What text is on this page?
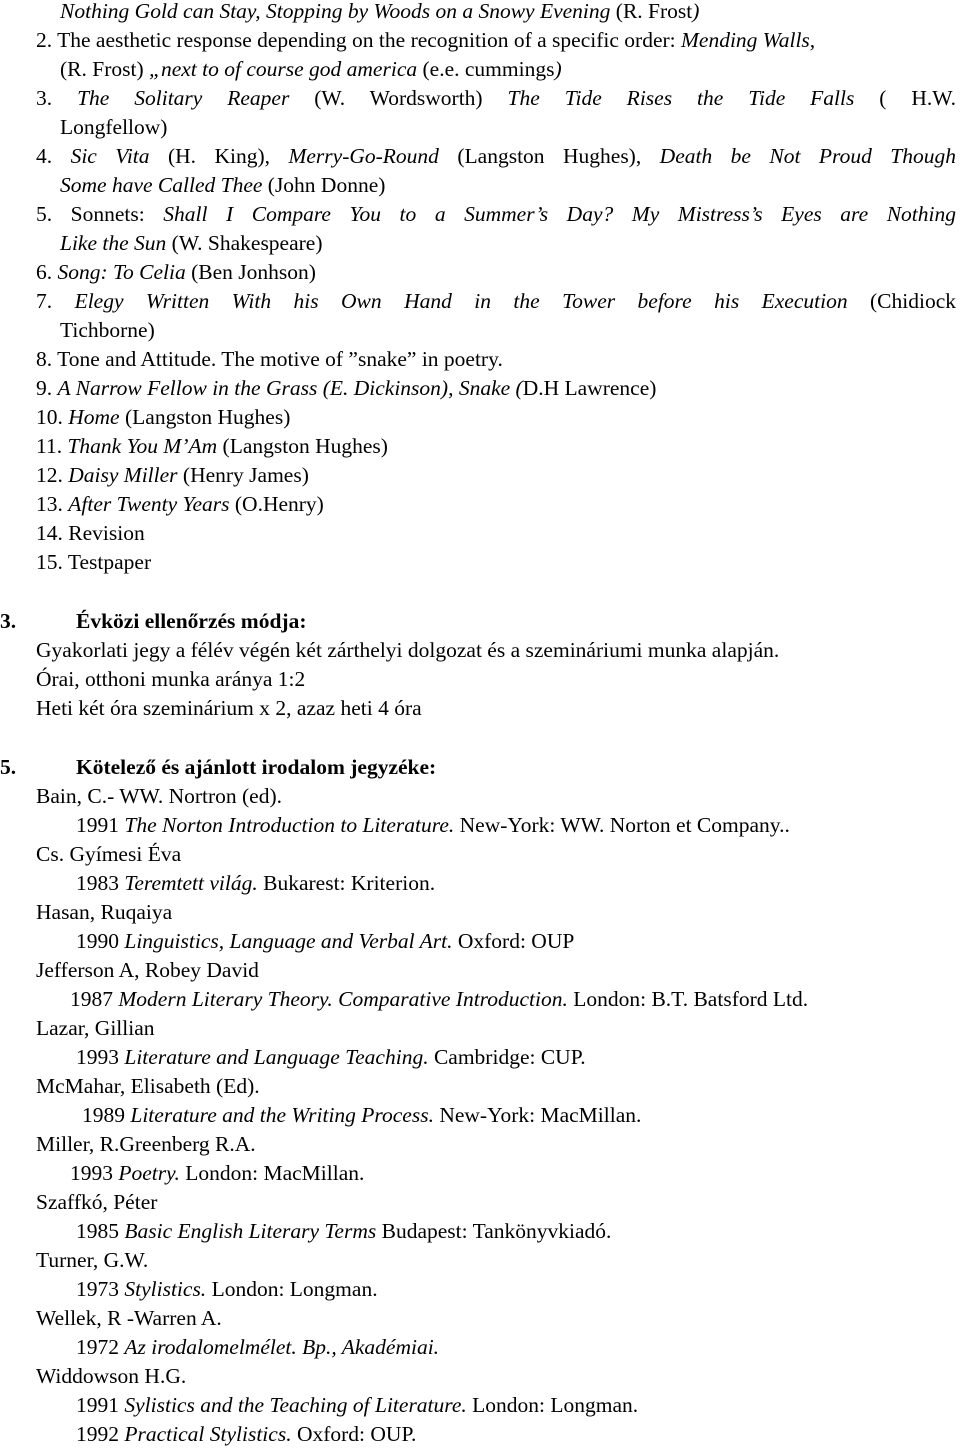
Nothing Gold can Stay, Stopping by Woods on a Snowy Evening (R. Frost)
2. The aesthetic response depending on the recognition of a specific order: Mending Walls,
(R. Frost) „next to of course god america (e.e. cummings)
3. The Solitary Reaper (W. Wordsworth) The Tide Rises the Tide Falls ( H.W.
Longfellow)
4. Sic Vita (H. King), Merry-Go-Round (Langston Hughes), Death be Not Proud Though
Some have Called Thee (John Donne)
5. Sonnets: Shall I Compare You to a Summer’s Day? My Mistress’s Eyes are Nothing
Like the Sun (W. Shakespeare)
6. Song: To Celia (Ben Jonhson)
7. Elegy Written With his Own Hand in the Tower before his Execution (Chidiock
Tichborne)
8. Tone and Attitude. The motive of ”snake” in poetry.
9. A Narrow Fellow in the Grass (E. Dickinson), Snake (D.H Lawrence)
10. Home (Langston Hughes)
11. Thank You M’Am (Langston Hughes)
12. Daisy Miller (Henry James)
13. After Twenty Years (O.Henry)
14. Revision
15. Testpaper
3.	Évközi ellenőrzés módja:
Gyakorlati jegy a félév végén két zárthelyi dolgozat és a szemináriumi munka alapján.
Órai, otthoni munka aránya 1:2
Heti két óra szeminárium x 2, azaz heti 4 óra
5.	Kötelező és ajánlott irodalom jegyzéke:
Bain, C.- WW. Nortron (ed).
1991 The Norton Introduction to Literature. New-York: WW. Norton et Company..
Cs. Gyímesi Éva
1983 Teremtett világ. Bukarest: Kriterion.
Hasan, Ruqaiya
1990 Linguistics, Language and Verbal Art. Oxford: OUP
Jefferson A, Robey David
1987 Modern Literary Theory. Comparative Introduction. London: B.T. Batsford Ltd.
Lazar, Gillian
1993 Literature and Language Teaching. Cambridge: CUP.
McMahar, Elisabeth (Ed).
1989 Literature and the Writing Process. New-York: MacMillan.
Miller, R.Greenberg R.A.
1993 Poetry. London: MacMillan.
Szaffkó, Péter
1985 Basic English Literary Terms Budapest: Tankönyvkiadó.
Turner, G.W.
1973 Stylistics. London: Longman.
Wellek, R -Warren A.
1972 Az irodalomelmélet. Bp., Akadémiai.
Widdowson H.G.
1991 Sylistics and the Teaching of Literature. London: Longman.
1992 Practical Stylistics. Oxford: OUP.
